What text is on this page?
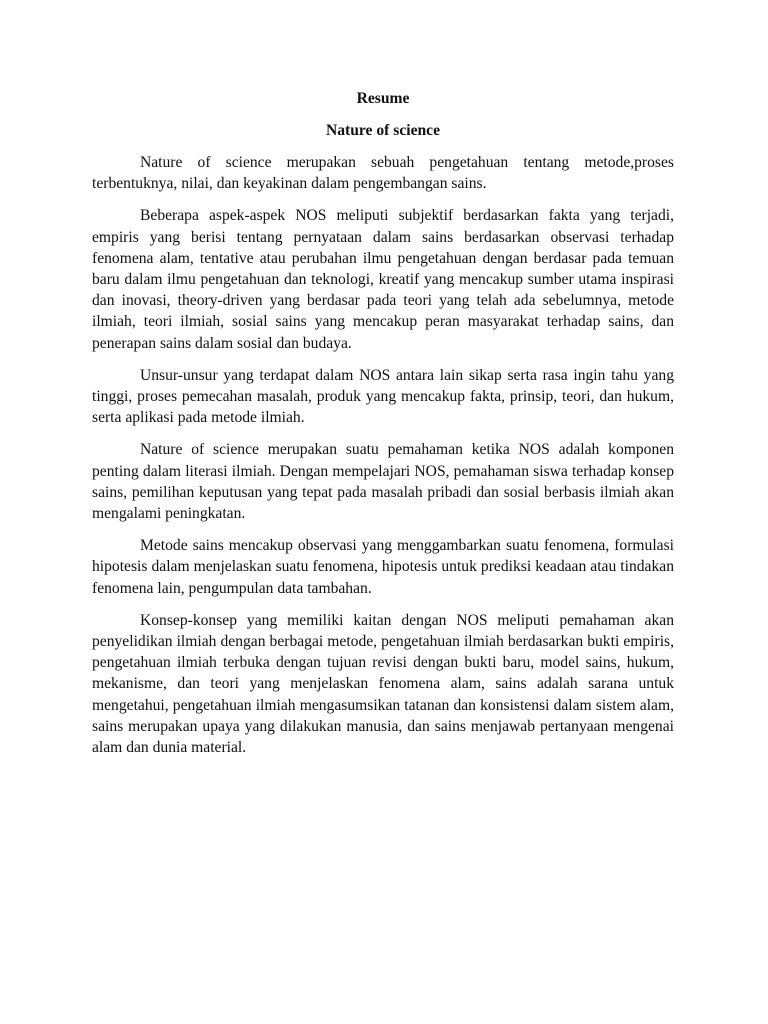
Resume
Nature of science

Nature of science merupakan sebuah pengetahuan tentang metode,proses terbentuknya, nilai, dan keyakinan dalam pengembangan sains.

Beberapa aspek-aspek NOS meliputi subjektif berdasarkan fakta yang terjadi, empiris yang berisi tentang pernyataan dalam sains berdasarkan observasi terhadap fenomena alam, tentative atau perubahan ilmu pengetahuan dengan berdasar pada temuan baru dalam ilmu pengetahuan dan teknologi, kreatif yang mencakup sumber utama inspirasi dan inovasi, theory-driven yang berdasar pada teori yang telah ada sebelumnya, metode ilmiah, teori ilmiah, sosial sains yang mencakup peran masyarakat terhadap sains, dan penerapan sains dalam sosial dan budaya.

Unsur-unsur yang terdapat dalam NOS antara lain sikap serta rasa ingin tahu yang tinggi, proses pemecahan masalah, produk yang mencakup fakta, prinsip, teori, dan hukum, serta aplikasi pada metode ilmiah.

Nature of science merupakan suatu pemahaman ketika NOS adalah komponen penting dalam literasi ilmiah. Dengan mempelajari NOS, pemahaman siswa terhadap konsep sains, pemilihan keputusan yang tepat pada masalah pribadi dan sosial berbasis ilmiah akan mengalami peningkatan.

Metode sains mencakup observasi yang menggambarkan suatu fenomena, formulasi hipotesis dalam menjelaskan suatu fenomena, hipotesis untuk prediksi keadaan atau tindakan fenomena lain, pengumpulan data tambahan.

Konsep-konsep yang memiliki kaitan dengan NOS meliputi pemahaman akan penyelidikan ilmiah dengan berbagai metode, pengetahuan ilmiah berdasarkan bukti empiris, pengetahuan ilmiah terbuka dengan tujuan revisi dengan bukti baru, model sains, hukum, mekanisme, dan teori yang menjelaskan fenomena alam, sains adalah sarana untuk mengetahui, pengetahuan ilmiah mengasumsikan tatanan dan konsistensi dalam sistem alam, sains merupakan upaya yang dilakukan manusia, dan sains menjawab pertanyaan mengenai alam dan dunia material.
